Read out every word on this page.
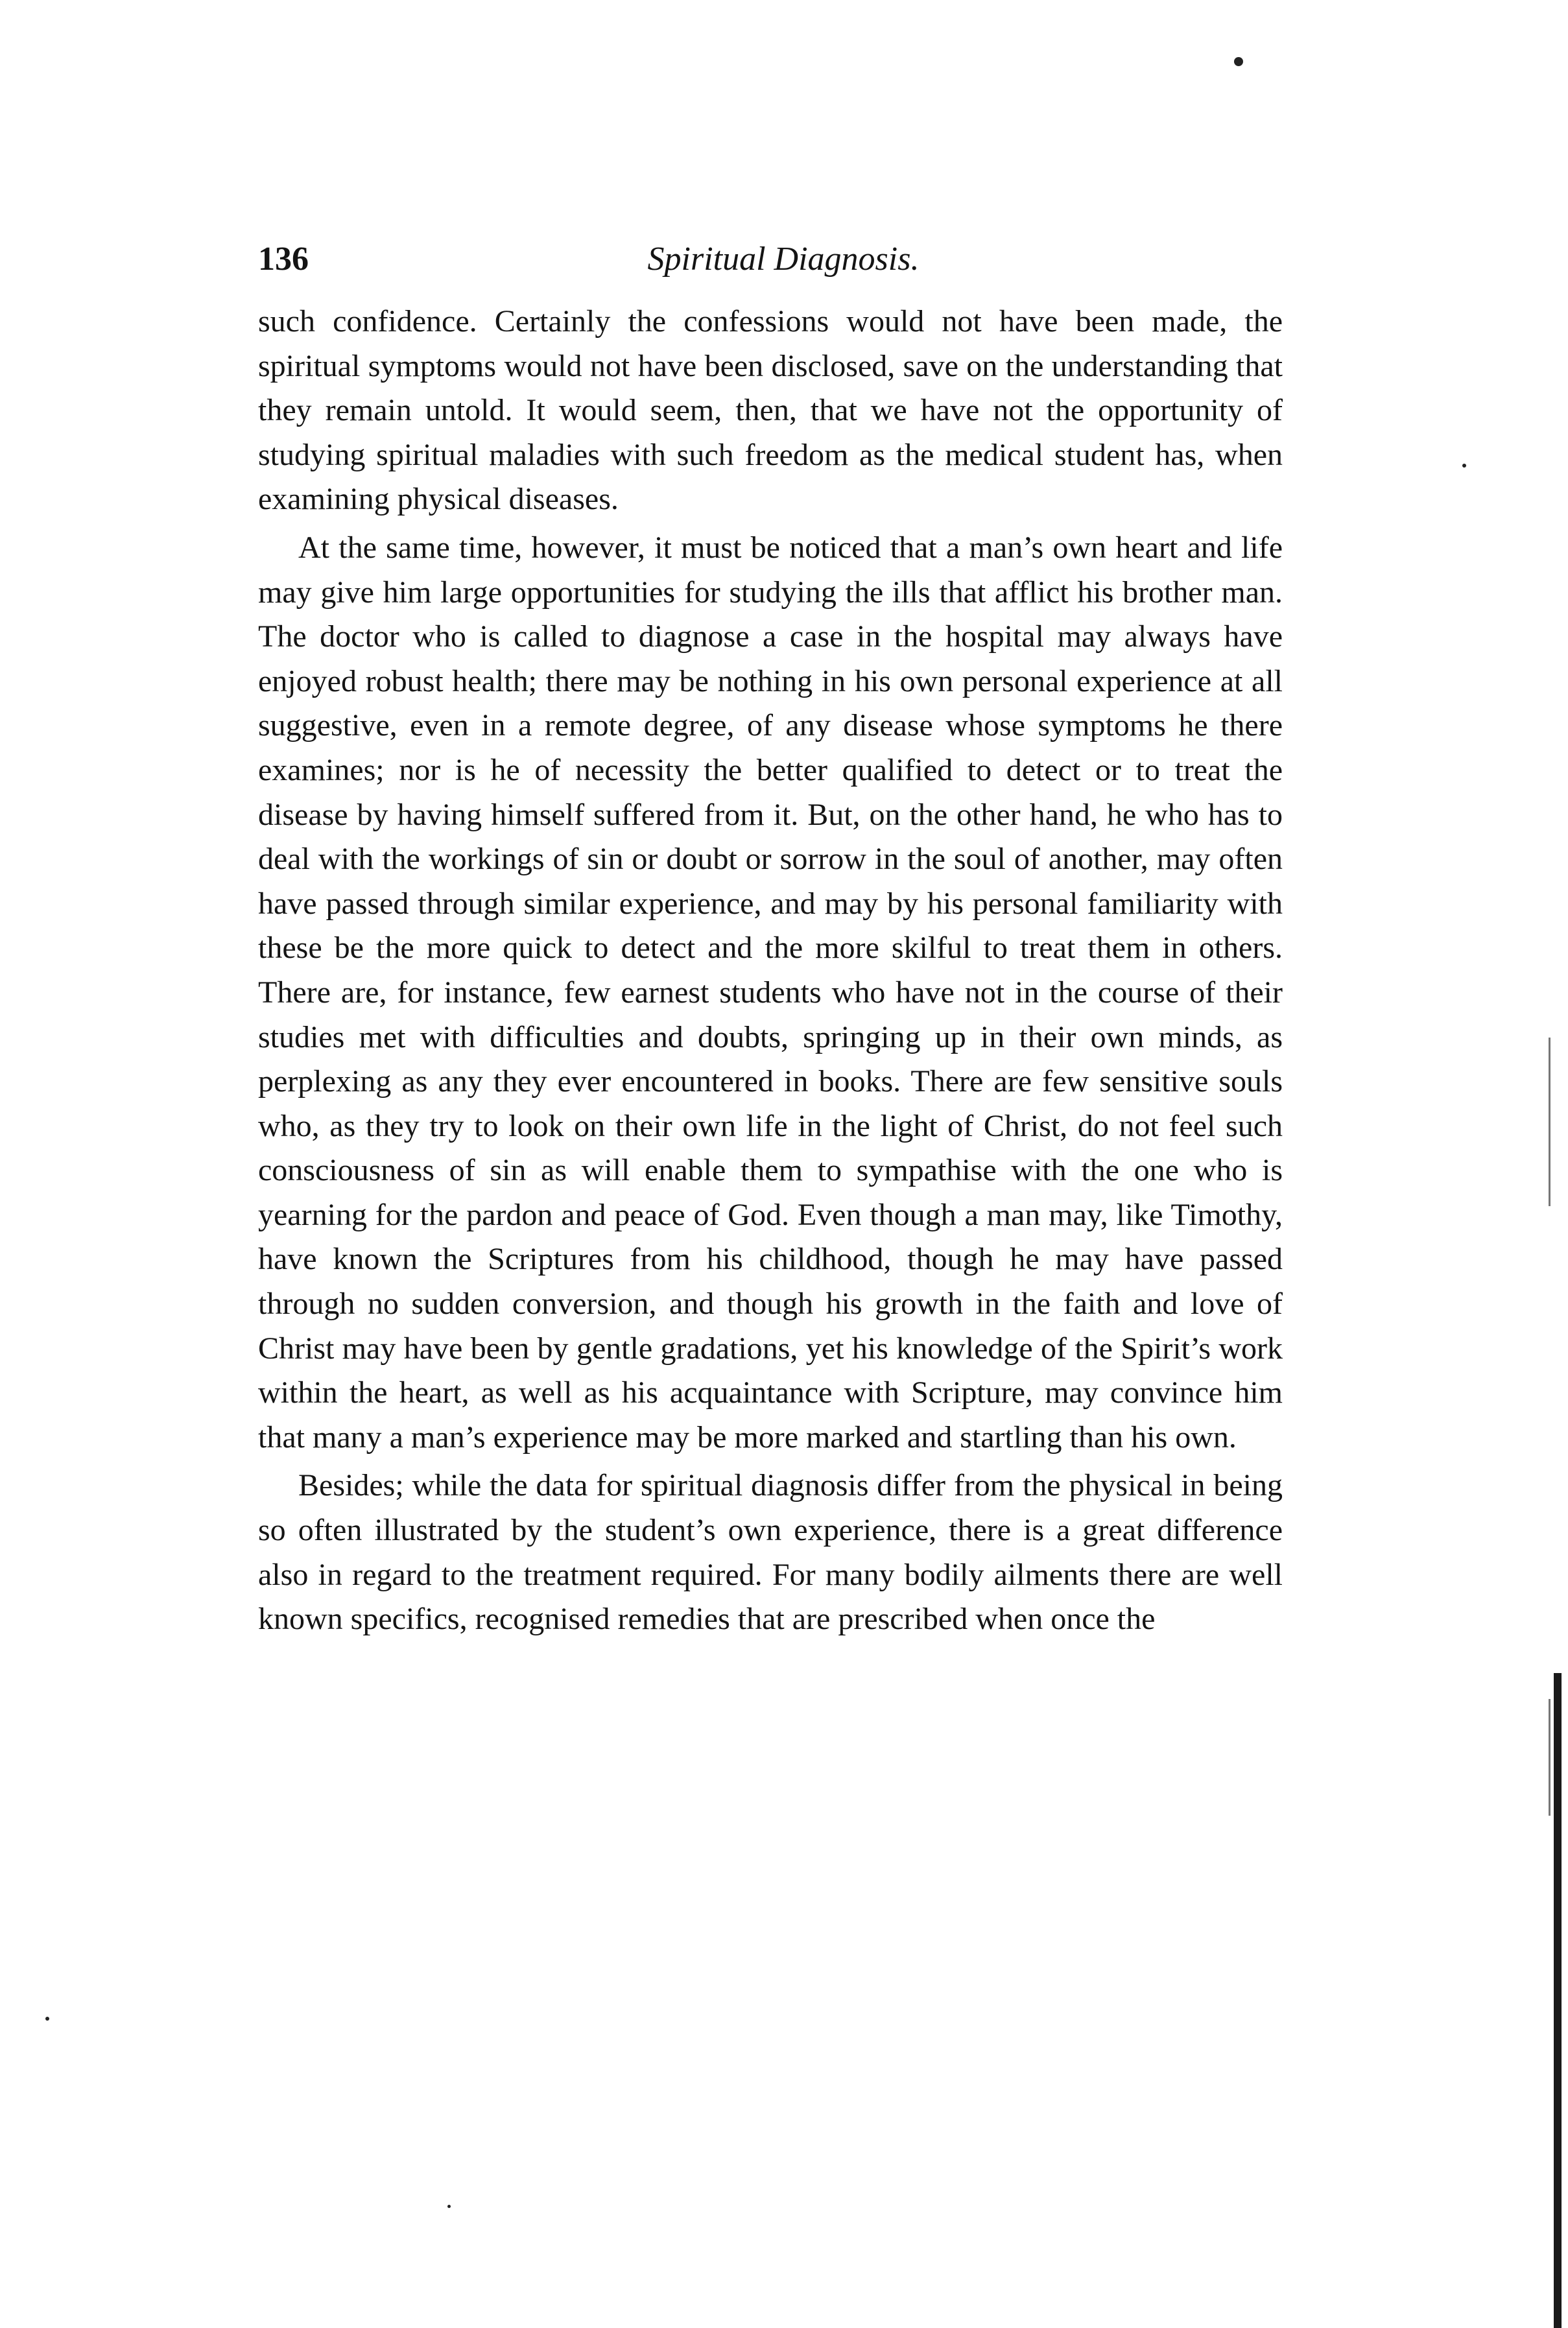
136	Spiritual Diagnosis.

such confidence. Certainly the confessions would not have been made, the spiritual symptoms would not have been disclosed, save on the understanding that they remain untold. It would seem, then, that we have not the opportunity of studying spiritual maladies with such freedom as the medical student has, when examining physical diseases.

At the same time, however, it must be noticed that a man’s own heart and life may give him large opportunities for studying the ills that afflict his brother man. The doctor who is called to diagnose a case in the hospital may always have enjoyed robust health; there may be nothing in his own personal experience at all suggestive, even in a remote degree, of any disease whose symptoms he there examines; nor is he of necessity the better qualified to detect or to treat the disease by having himself suffered from it. But, on the other hand, he who has to deal with the workings of sin or doubt or sorrow in the soul of another, may often have passed through similar experience, and may by his personal familiarity with these be the more quick to detect and the more skilful to treat them in others. There are, for instance, few earnest students who have not in the course of their studies met with difficulties and doubts, springing up in their own minds, as perplexing as any they ever encountered in books. There are few sensitive souls who, as they try to look on their own life in the light of Christ, do not feel such consciousness of sin as will enable them to sympathise with the one who is yearning for the pardon and peace of God. Even though a man may, like Timothy, have known the Scriptures from his childhood, though he may have passed through no sudden conversion, and though his growth in the faith and love of Christ may have been by gentle gradations, yet his knowledge of the Spirit’s work within the heart, as well as his acquaintance with Scripture, may convince him that many a man’s experience may be more marked and startling than his own.

Besides; while the data for spiritual diagnosis differ from the physical in being so often illustrated by the student’s own experience, there is a great difference also in regard to the treatment required. For many bodily ailments there are well known specifics, recognised remedies that are prescribed when once the
